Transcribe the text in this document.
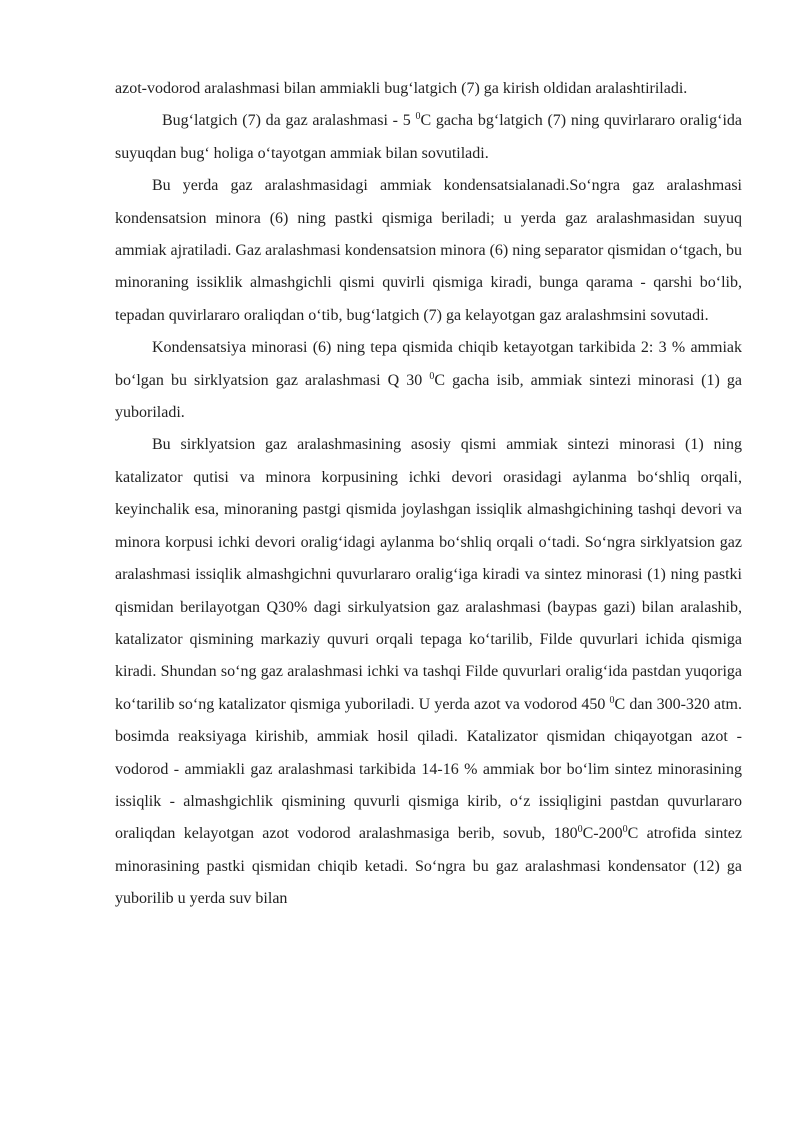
azot-vodorod aralashmasi bilan ammiakli bug‘latgich (7) ga kirish oldidan aralashtiriladi.

Bug‘latgich (7) da gaz aralashmasi - 5 $^0$C gacha bg‘latgich (7) ning quvirlararo oralig‘ida suyuqdan bug‘ holiga o‘tayotgan ammiak bilan sovutiladi.

Bu yerda gaz aralashmasidagi ammiak kondensatsialanadi.So‘ngra gaz aralashmasi kondensatsion minora (6) ning pastki qismiga beriladi; u yerda gaz aralashmasidan suyuq ammiak ajratiladi. Gaz aralashmasi kondensatsion minora (6) ning separator qismidan o‘tgach, bu minoraning issiklik almashgichli qismi quvirli qismiga kiradi, bunga qarama - qarshi bo‘lib, tepadan quvirlararo oraliqdan o‘tib, bug‘latgich (7) ga kelayotgan gaz aralashmsini sovutadi.

Kondensatsiya minorasi (6) ning tepa qismida chiqib ketayotgan tarkibida 2: 3 % ammiak bo‘lgan bu sirklyatsion gaz aralashmasi Q 30 $^0$C gacha isib, ammiak sintezi minorasi (1) ga yuboriladi.

Bu sirklyatsion gaz aralashmasining asosiy qismi ammiak sintezi minorasi (1) ning katalizator qutisi va minora korpusining ichki devori orasidagi aylanma bo‘shliq orqali, keyinchalik esa, minoraning pastgi qismida joylashgan issiqlik almashgichining tashqi devori va minora korpusi ichki devori oralig‘idagi aylanma bo‘shliq orqali o‘tadi. So‘ngra sirklyatsion gaz aralashmasi issiqlik almashgichni quvurlararo oralig‘iga kiradi va sintez minorasi (1) ning pastki qismidan berilayotgan Q30% dagi sirkulyatsion gaz aralashmasi (baypas gazi) bilan aralashib, katalizator qismining markaziy quvuri orqali tepaga ko‘tarilib, Filde quvurlari ichida qismiga kiradi. Shundan so‘ng gaz aralashmasi ichki va tashqi Filde quvurlari oralig‘ida pastdan yuqoriga ko‘tarilib so‘ng katalizator qismiga yuboriladi. U yerda azot va vodorod 450 $^0$C dan 300-320 atm. bosimda reaksiyaga kirishib, ammiak hosil qiladi. Katalizator qismidan chiqayotgan azot - vodorod - ammiakli gaz aralashmasi tarkibida 14-16 % ammiak bor bo‘lim sintez minorasining issiqlik - almashgichlik qismining quvurli qismiga kirib, o‘z issiqligini pastdan quvurlararo oraliqdan kelayotgan azot vodorod aralashmasiga berib, sovub, $180^0C-200^0C$ atrofida sintez minorasining pastki qismidan chiqib ketadi. So‘ngra bu gaz aralashmasi kondensator (12) ga yuborilib u yerda suv bilan
